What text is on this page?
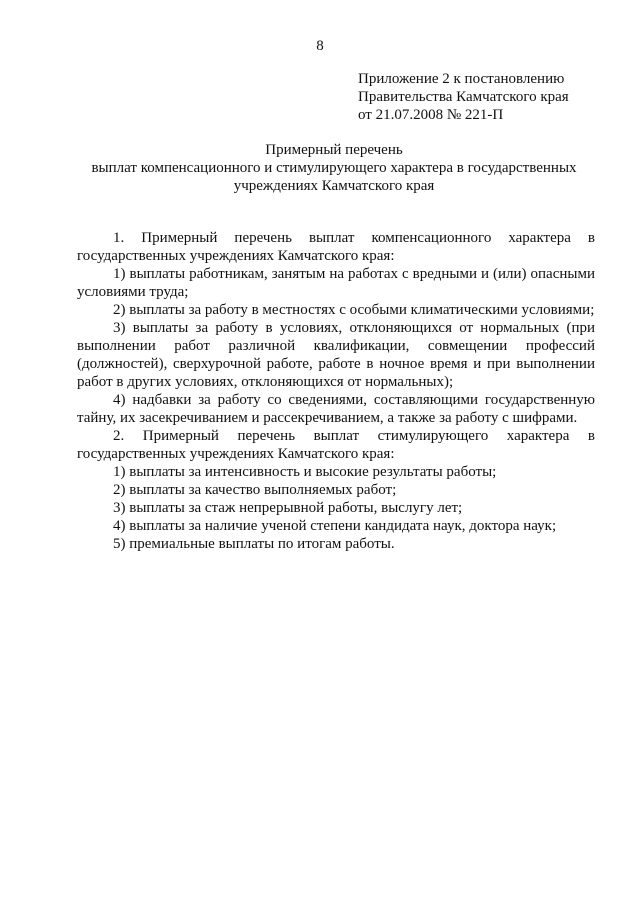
8
Приложение 2 к постановлению
Правительства Камчатского края
от 21.07.2008 № 221-П
Примерный перечень
выплат компенсационного и стимулирующего характера в государственных
учреждениях Камчатского края

1. Примерный перечень выплат компенсационного характера в государственных учреждениях Камчатского края:

1) выплаты работникам, занятым на работах с вредными и (или) опасными условиями труда;

2) выплаты за работу в местностях с особыми климатическими условиями;

3) выплаты за работу в условиях, отклоняющихся от нормальных (при выполнении работ различной квалификации, совмещении профессий (должностей), сверхурочной работе, работе в ночное время и при выполнении работ в других условиях, отклоняющихся от нормальных);

4) надбавки за работу со сведениями, составляющими государственную тайну, их засекречиванием и рассекречиванием, а также за работу с шифрами.

2. Примерный перечень выплат стимулирующего характера в государственных учреждениях Камчатского края:

1) выплаты за интенсивность и высокие результаты работы;

2) выплаты за качество выполняемых работ;

3) выплаты за стаж непрерывной работы, выслугу лет;

4) выплаты за наличие ученой степени кандидата наук, доктора наук;

5) премиальные выплаты по итогам работы.
